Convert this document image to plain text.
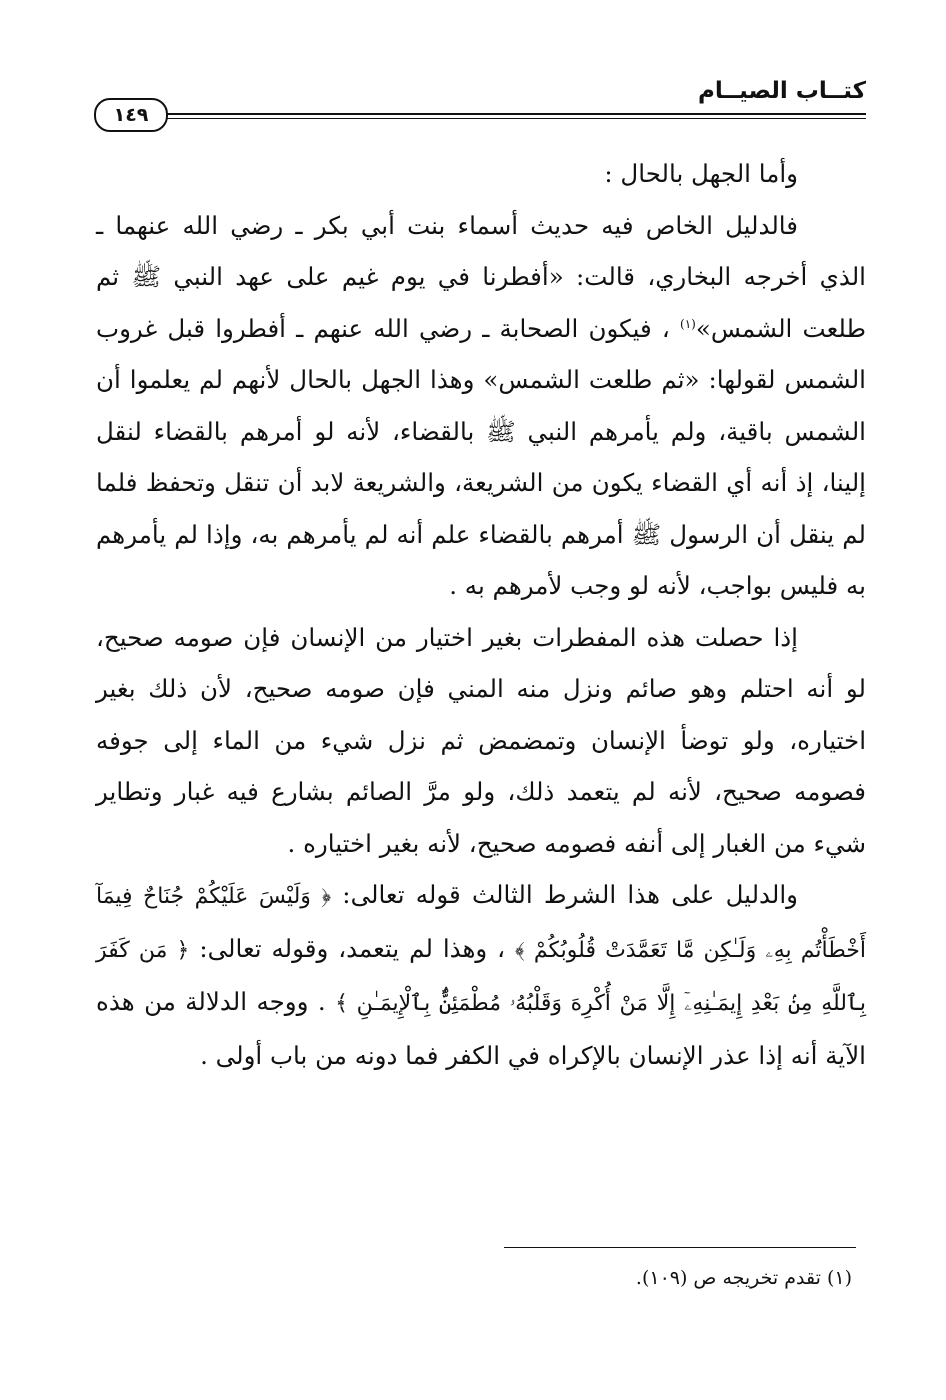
كتــاب الصيــام
١٤٩

وأما الجهل بالحال :

فالدليل الخاص فيه حديث أسماء بنت أبي بكر ـ رضي الله عنهما ـ الذي أخرجه البخاري، قالت: «أفطرنا في يوم غيم على عهد النبي ﷺ ثم طلعت الشمس»$^{(١)}$ ، فيكون الصحابة ـ رضي الله عنهم ـ أفطروا قبل غروب الشمس لقولها: «ثم طلعت الشمس» وهذا الجهل بالحال لأنهم لم يعلموا أن الشمس باقية، ولم يأمرهم النبي ﷺ بالقضاء، لأنه لو أمرهم بالقضاء لنقل إلينا، إذ أنه أي القضاء يكون من الشريعة، والشريعة لابد أن تنقل وتحفظ فلما لم ينقل أن الرسول ﷺ أمرهم بالقضاء علم أنه لم يأمرهم به، وإذا لم يأمرهم به فليس بواجب، لأنه لو وجب لأمرهم به .

إذا حصلت هذه المفطرات بغير اختيار من الإنسان فإن صومه صحيح، لو أنه احتلم وهو صائم ونزل منه المني فإن صومه صحيح، لأن ذلك بغير اختياره، ولو توضأ الإنسان وتمضمض ثم نزل شيء من الماء إلى جوفه فصومه صحيح، لأنه لم يتعمد ذلك، ولو مرَّ الصائم بشارع فيه غبار وتطاير شيء من الغبار إلى أنفه فصومه صحيح، لأنه بغير اختياره .

والدليل على هذا الشرط الثالث قوله تعالى: ﴿ وَلَيْسَ عَلَيْكُمْ جُنَاحٌ فِيمَآ أَخْطَأْتُم بِهِۦ وَلَـٰكِن مَّا تَعَمَّدَتْ قُلُوبُكُمْ ﴾ ، وهذا لم يتعمد، وقوله تعالى: ﴿ مَن كَفَرَ بِٱللَّهِ مِنۢ بَعْدِ إِيمَـٰنِهِۦٓ إِلَّا مَنْ أُكْرِهَ وَقَلْبُهُۥ مُطْمَئِنٌّۢ بِٱلْإِيمَـٰنِ ﴾ . ووجه الدلالة من هذه الآية أنه إذا عذر الإنسان بالإكراه في الكفر فما دونه من باب أولى .

(١) تقدم تخريجه ص (١٠٩).
